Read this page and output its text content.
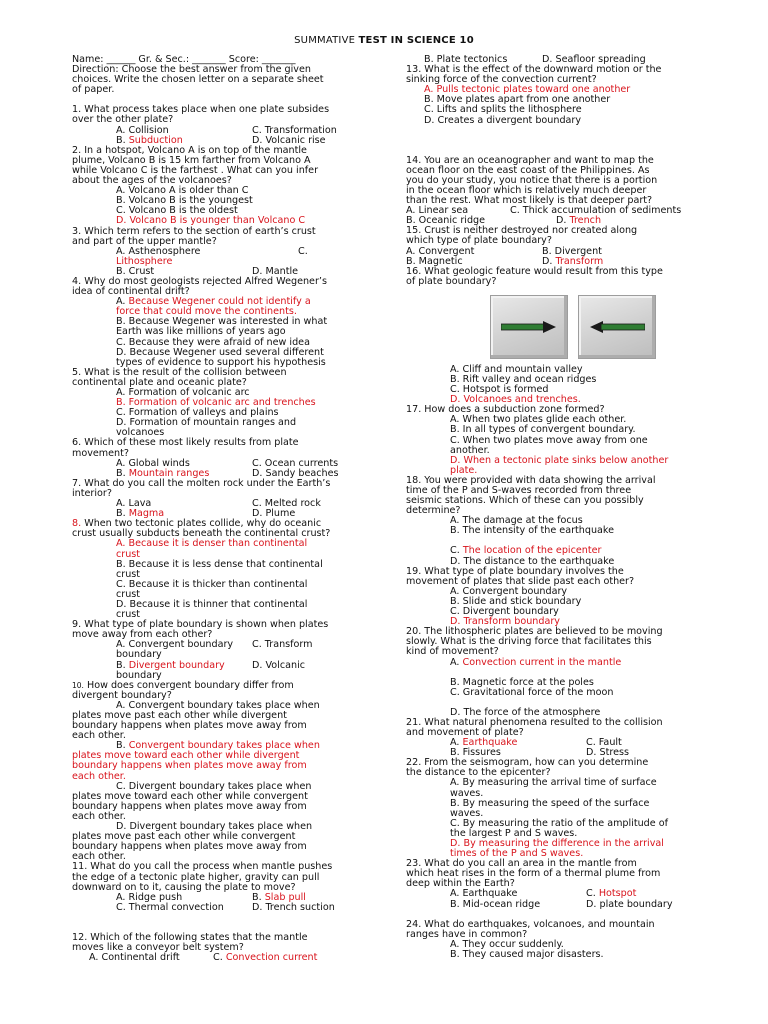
SUMMATIVE TEST IN SCIENCE 10
Name: ______ Gr. & Sec.: _______ Score: _______
Direction: Choose the best answer from the given
choices. Write the chosen letter on a separate sheet
of paper.
1. What process takes place when one plate subsides
over the other plate?
A. Collision	C. Transformation
B. Subduction	D. Volcanic rise
2. In a hotspot, Volcano A is on top of the mantle
plume, Volcano B is 15 km farther from Volcano A
while Volcano C is the farthest . What can you infer
about the ages of the volcanoes?
A. Volcano A is older than C
B. Volcano B is the youngest
C. Volcano B is the oldest
D. Volcano B is younger than Volcano C
3. Which term refers to the section of earth’s crust
and part of the upper mantle?
A. Asthenosphere	C.
Lithosphere
B. Crust	D. Mantle
4. Why do most geologists rejected Alfred Wegener’s
idea of continental drift?
A. Because Wegener could not identify a
force that could move the continents.
B. Because Wegener was interested in what
Earth was like millions of years ago
C. Because they were afraid of new idea
D. Because Wegener used several different
types of evidence to support his hypothesis
5. What is the result of the collision between
continental plate and oceanic plate?
A. Formation of volcanic arc
B. Formation of volcanic arc and trenches
C. Formation of valleys and plains
D. Formation of mountain ranges and
volcanoes
6. Which of these most likely results from plate
movement?
A. Global winds	C. Ocean currents
B. Mountain ranges	D. Sandy beaches
7. What do you call the molten rock under the Earth’s
interior?
A. Lava	C. Melted rock
B. Magma	D. Plume
8. When two tectonic plates collide, why do oceanic
crust usually subducts beneath the continental crust?
A. Because it is denser than continental
crust
B. Because it is less dense that continental
crust
C. Because it is thicker than continental
crust
D. Because it is thinner that continental
crust
9. What type of plate boundary is shown when plates
move away from each other?
A. Convergent boundary	C. Transform
boundary
B. Divergent boundary	D. Volcanic
boundary
10. How does convergent boundary differ from
divergent boundary?
A. Convergent boundary takes place when
plates move past each other while divergent
boundary happens when plates move away from
each other.
B. Convergent boundary takes place when
plates move toward each other while divergent
boundary happens when plates move away from
each other.
C. Divergent boundary takes place when
plates move toward each other while convergent
boundary happens when plates move away from
each other.
D. Divergent boundary takes place when
plates move past each other while convergent
boundary happens when plates move away from
each other.
11. What do you call the process when mantle pushes
the edge of a tectonic plate higher, gravity can pull
downward on to it, causing the plate to move?
A. Ridge push	B. Slab pull
C. Thermal convection	D. Trench suction
12. Which of the following states that the mantle
moves like a conveyor belt system?
A. Continental drift	C. Convection current
B. Plate tectonics	D. Seafloor spreading
13. What is the effect of the downward motion or the
sinking force of the convection current?
A. Pulls tectonic plates toward one another
B. Move plates apart from one another
C. Lifts and splits the lithosphere
D. Creates a divergent boundary
14. You are an oceanographer and want to map the
ocean floor on the east coast of the Philippines. As
you do your study, you notice that there is a portion
in the ocean floor which is relatively much deeper
than the rest. What most likely is that deeper part?
A. Linear sea	C. Thick accumulation of sediments
B. Oceanic ridge	D. Trench
15. Crust is neither destroyed nor created along
which type of plate boundary?
A. Convergent	B. Divergent
B. Magnetic	D. Transform
16. What geologic feature would result from this type
of plate boundary?
A. Cliff and mountain valley
B. Rift valley and ocean ridges
C. Hotspot is formed
D. Volcanoes and trenches.
17. How does a subduction zone formed?
A. When two plates glide each other.
B. In all types of convergent boundary.
C. When two plates move away from one
another.
D. When a tectonic plate sinks below another
plate.
18. You were provided with data showing the arrival
time of the P and S-waves recorded from three
seismic stations. Which of these can you possibly
determine?
A. The damage at the focus
B. The intensity of the earthquake
C. The location of the epicenter
D. The distance to the earthquake
19. What type of plate boundary involves the
movement of plates that slide past each other?
A. Convergent boundary
B. Slide and stick boundary
C. Divergent boundary
D. Transform boundary
20. The lithospheric plates are believed to be moving
slowly. What is the driving force that facilitates this
kind of movement?
A. Convection current in the mantle
B. Magnetic force at the poles
C. Gravitational force of the moon
D. The force of the atmosphere
21. What natural phenomena resulted to the collision
and movement of plate?
A. Earthquake	C. Fault
B. Fissures	D. Stress
22. From the seismogram, how can you determine
the distance to the epicenter?
A. By measuring the arrival time of surface
waves.
B. By measuring the speed of the surface
waves.
C. By measuring the ratio of the amplitude of
the largest P and S waves.
D. By measuring the difference in the arrival
times of the P and S waves.
23. What do you call an area in the mantle from
which heat rises in the form of a thermal plume from
deep within the Earth?
A. Earthquake	C. Hotspot
B. Mid-ocean ridge	D. plate boundary
24. What do earthquakes, volcanoes, and mountain
ranges have in common?
A. They occur suddenly.
B. They caused major disasters.
